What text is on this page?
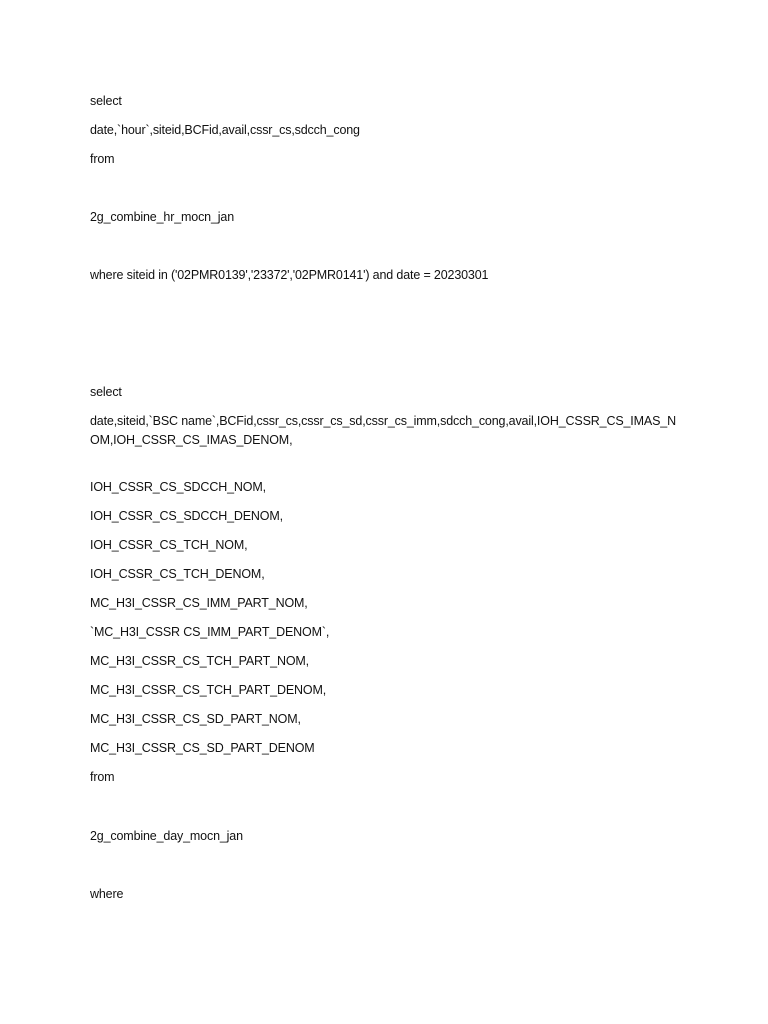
select
date,`hour`,siteid,BCFid,avail,cssr_cs,sdcch_cong
from
2g_combine_hr_mocn_jan
where siteid in ('02PMR0139','23372','02PMR0141') and date = 20230301
select
date,siteid,`BSC name`,BCFid,cssr_cs,cssr_cs_sd,cssr_cs_imm,sdcch_cong,avail,IOH_CSSR_CS_IMAS_NOM,IOH_CSSR_CS_IMAS_DENOM,
IOH_CSSR_CS_SDCCH_NOM,
IOH_CSSR_CS_SDCCH_DENOM,
IOH_CSSR_CS_TCH_NOM,
IOH_CSSR_CS_TCH_DENOM,
MC_H3I_CSSR_CS_IMM_PART_NOM,
`MC_H3I_CSSR CS_IMM_PART_DENOM`,
MC_H3I_CSSR_CS_TCH_PART_NOM,
MC_H3I_CSSR_CS_TCH_PART_DENOM,
MC_H3I_CSSR_CS_SD_PART_NOM,
MC_H3I_CSSR_CS_SD_PART_DENOM
from
2g_combine_day_mocn_jan
where
